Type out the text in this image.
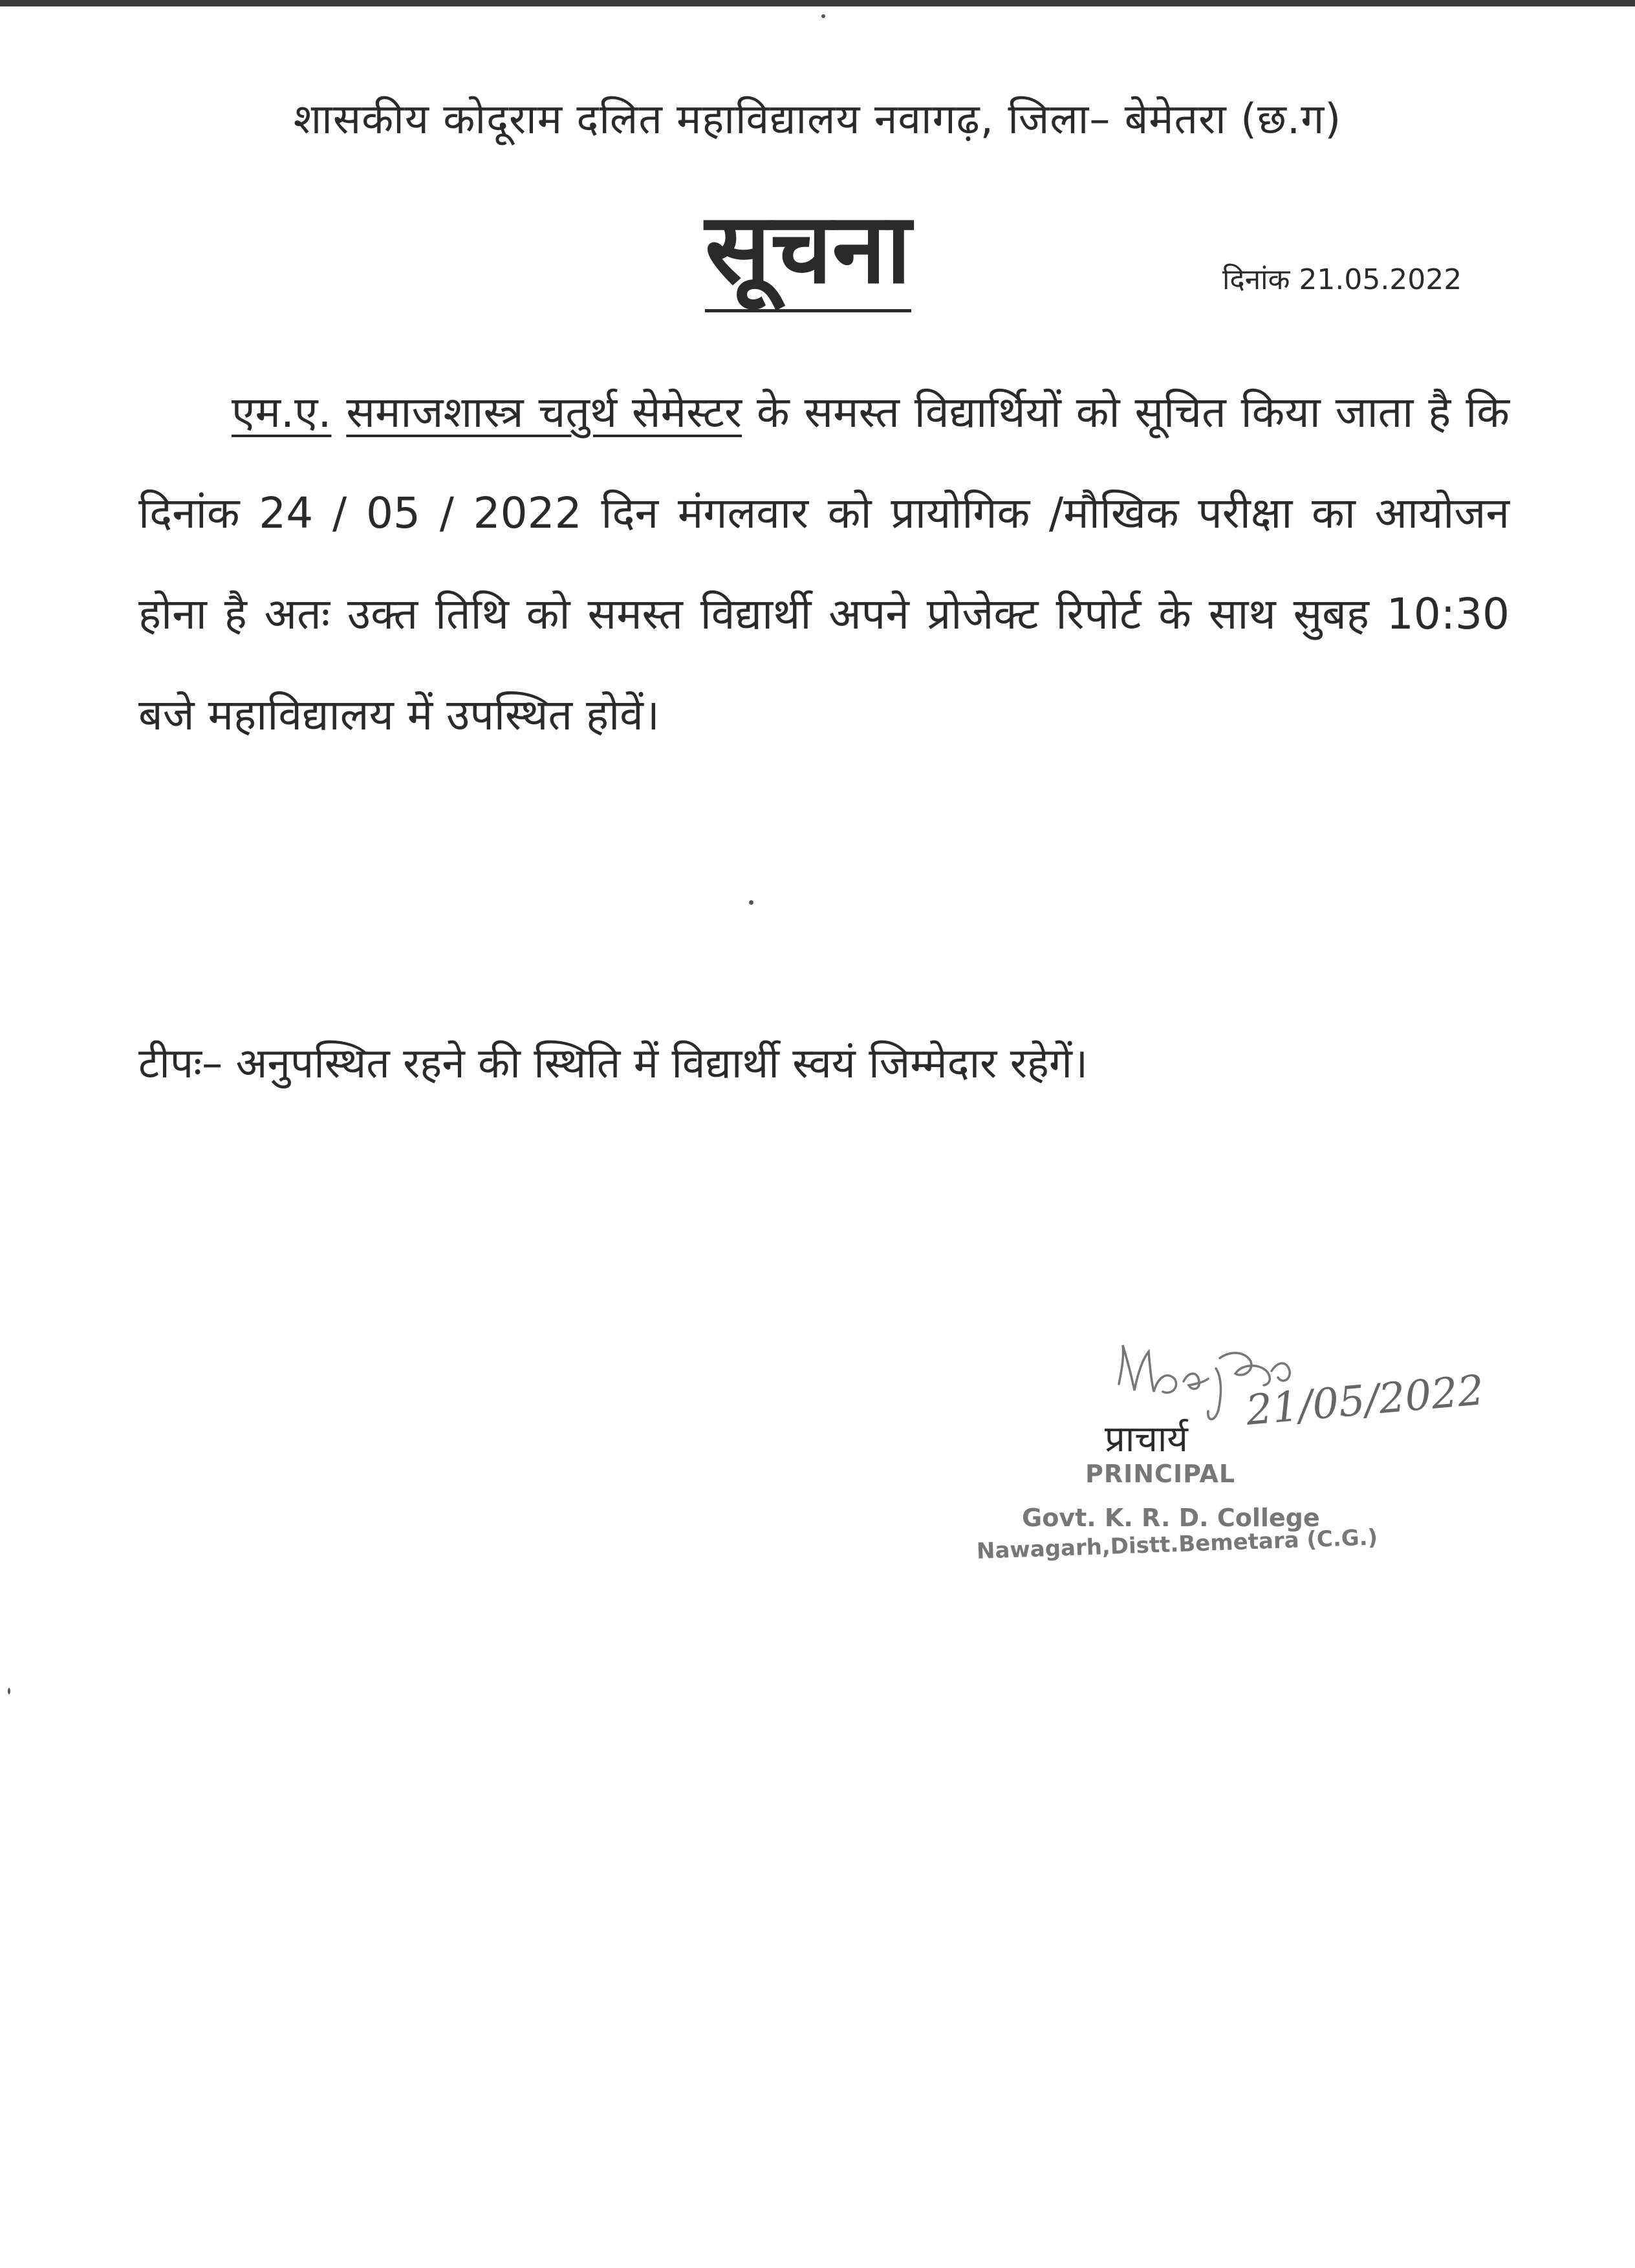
शासकीय कोदूराम दलित महाविद्यालय नवागढ़, जिला– बेमेतरा (छ.ग)
सूचना	दिनांक 21.05.2022
एम.ए. समाजशास्त्र चतुर्थ सेमेस्टर के समस्त विद्यार्थियों को सूचित किया जाता है कि दिनांक 24 / 05 / 2022 दिन मंगलवार को प्रायोगिक /मौखिक परीक्षा का आयोजन होना है अतः उक्त तिथि को समस्त विद्यार्थी अपने प्रोजेक्ट रिपोर्ट के साथ सुबह 10:30 बजे महाविद्यालय में उपस्थित होवें।
टीपः– अनुपस्थित रहने की स्थिति में विद्यार्थी स्वयं जिम्मेदार रहेगें।
21/05/2022
प्राचार्य
PRINCIPAL
Govt. K. R. D. College
Nawagarh,Distt.Bemetara (C.G.)
